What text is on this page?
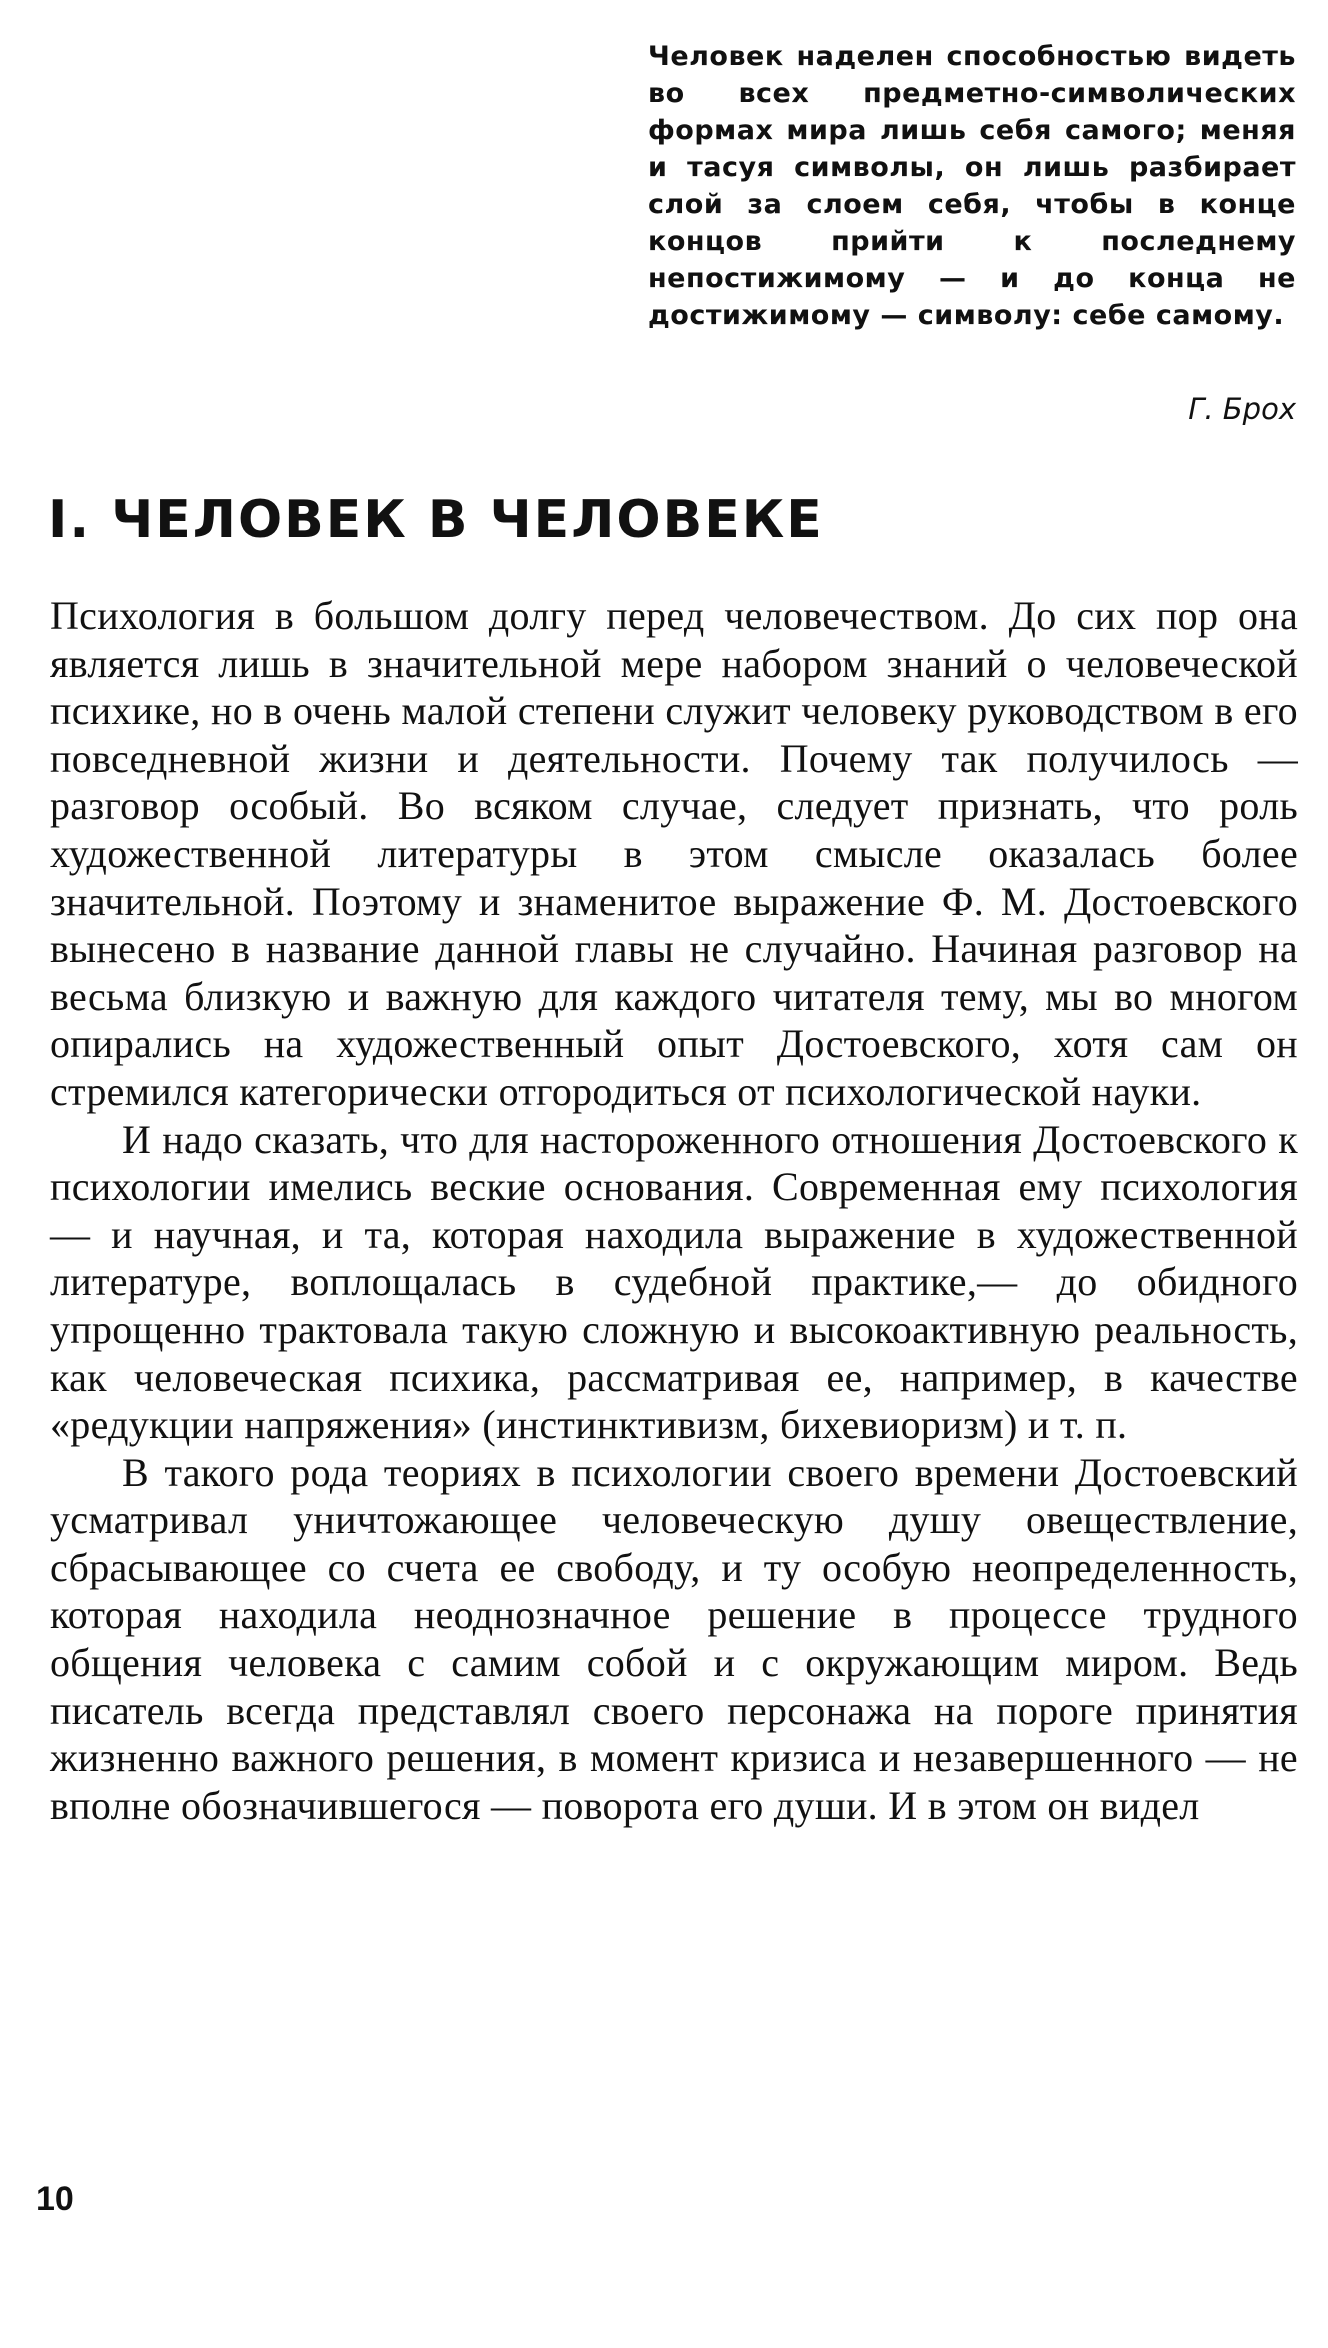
Человек наделен способностью видеть во всех предметно-символических формах мира лишь себя самого; меняя и тасуя символы, он лишь разбирает слой за слоем себя, чтобы в конце концов прийти к последнему непостижимому — и до конца не достижимому — символу: себе самому.
Г. Брох
I. ЧЕЛОВЕК В ЧЕЛОВЕКЕ

Психология в большом долгу перед человечеством. До сих пор она является лишь в значительной мере набором знаний о человеческой психике, но в очень малой степени служит человеку руководством в его повседневной жизни и деятельности. Почему так получилось — разговор особый. Во всяком случае, следует признать, что роль художественной литературы в этом смысле оказалась более значительной. Поэтому и знаменитое выражение Ф. М. Достоевского вынесено в название данной главы не случайно. Начиная разговор на весьма близкую и важную для каждого читателя тему, мы во многом опирались на художественный опыт Достоевского, хотя сам он стремился категорически отгородиться от психологической науки.

И надо сказать, что для настороженного отношения Достоевского к психологии имелись веские основания. Современная ему психология — и научная, и та, которая находила выражение в художественной литературе, воплощалась в судебной практике,— до обидного упрощенно трактовала такую сложную и высокоактивную реальность, как человеческая психика, рассматривая ее, например, в качестве «редукции напряжения» (инстинктивизм, бихевиоризм) и т. п.

В такого рода теориях в психологии своего времени Достоевский усматривал уничтожающее человеческую душу овеществление, сбрасывающее со счета ее свободу, и ту особую неопределенность, которая находила неоднозначное решение в процессе трудного общения человека с самим собой и с окружающим миром. Ведь писатель всегда представлял своего персонажа на пороге принятия жизненно важного решения, в момент кризиса и незавершенного — не вполне обозначившегося — поворота его души. И в этом он видел

10
